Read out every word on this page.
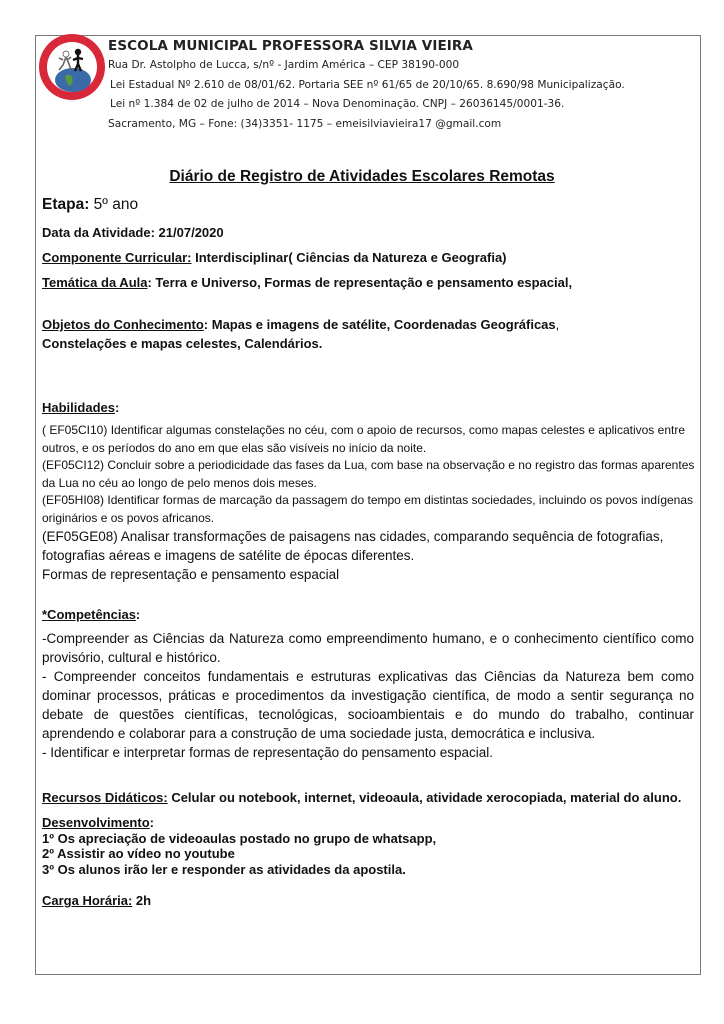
ESCOLA MUNICIPAL PROFESSORA SILVIA VIEIRA
Rua Dr. Astolpho de Lucca, s/nº - Jardim América – CEP 38190-000
Lei Estadual Nº 2.610 de 08/01/62. Portaria SEE nº 61/65 de 20/10/65. 8.690/98 Municipalização.
Lei nº 1.384 de 02 de julho de 2014 – Nova Denominação. CNPJ – 26036145/0001-36.
Sacramento, MG – Fone: (34)3351- 1175 – emeisilviavieira17 @gmail.com
Diário de Registro de Atividades Escolares Remotas
Etapa: 5º ano
Data da Atividade: 21/07/2020
Componente Curricular: Interdisciplinar( Ciências da Natureza e Geografia)
Temática da Aula: Terra e Universo, Formas de representação e pensamento espacial,
Objetos do Conhecimento: Mapas e imagens de satélite, Coordenadas Geográficas,
Constelações e mapas celestes, Calendários.
Habilidades:
( EF05CI10) Identificar algumas constelações no céu, com o apoio de recursos, como mapas celestes e aplicativos entre outros, e os períodos do ano em que elas são visíveis no início da noite.
(EF05CI12) Concluir sobre a periodicidade das fases da Lua, com base na observação e no registro das formas aparentes da Lua no céu ao longo de pelo menos dois meses.
(EF05HI08) Identificar formas de marcação da passagem do tempo em distintas sociedades, incluindo os povos indígenas originários e os povos africanos.
(EF05GE08) Analisar transformações de paisagens nas cidades, comparando sequência de fotografias, fotografias aéreas e imagens de satélite de épocas diferentes.
Formas de representação e pensamento espacial
*Competências:
-Compreender as Ciências da Natureza como empreendimento humano, e o conhecimento científico como provisório, cultural e histórico.
- Compreender conceitos fundamentais e estruturas explicativas das Ciências da Natureza bem como dominar processos, práticas e procedimentos da investigação científica, de modo a sentir segurança no debate de questões científicas, tecnológicas, socioambientais e do mundo do trabalho, continuar aprendendo e colaborar para a construção de uma sociedade justa, democrática e inclusiva.
- Identificar e interpretar formas de representação do pensamento espacial.
Recursos Didáticos: Celular ou notebook, internet, videoaula, atividade xerocopiada, material do aluno.
Desenvolvimento:
1º Os apreciação de videoaulas postado no grupo de whatsapp,
2º Assistir ao vídeo no youtube
3º Os alunos irão ler e responder as atividades da apostila.
Carga Horária: 2h
